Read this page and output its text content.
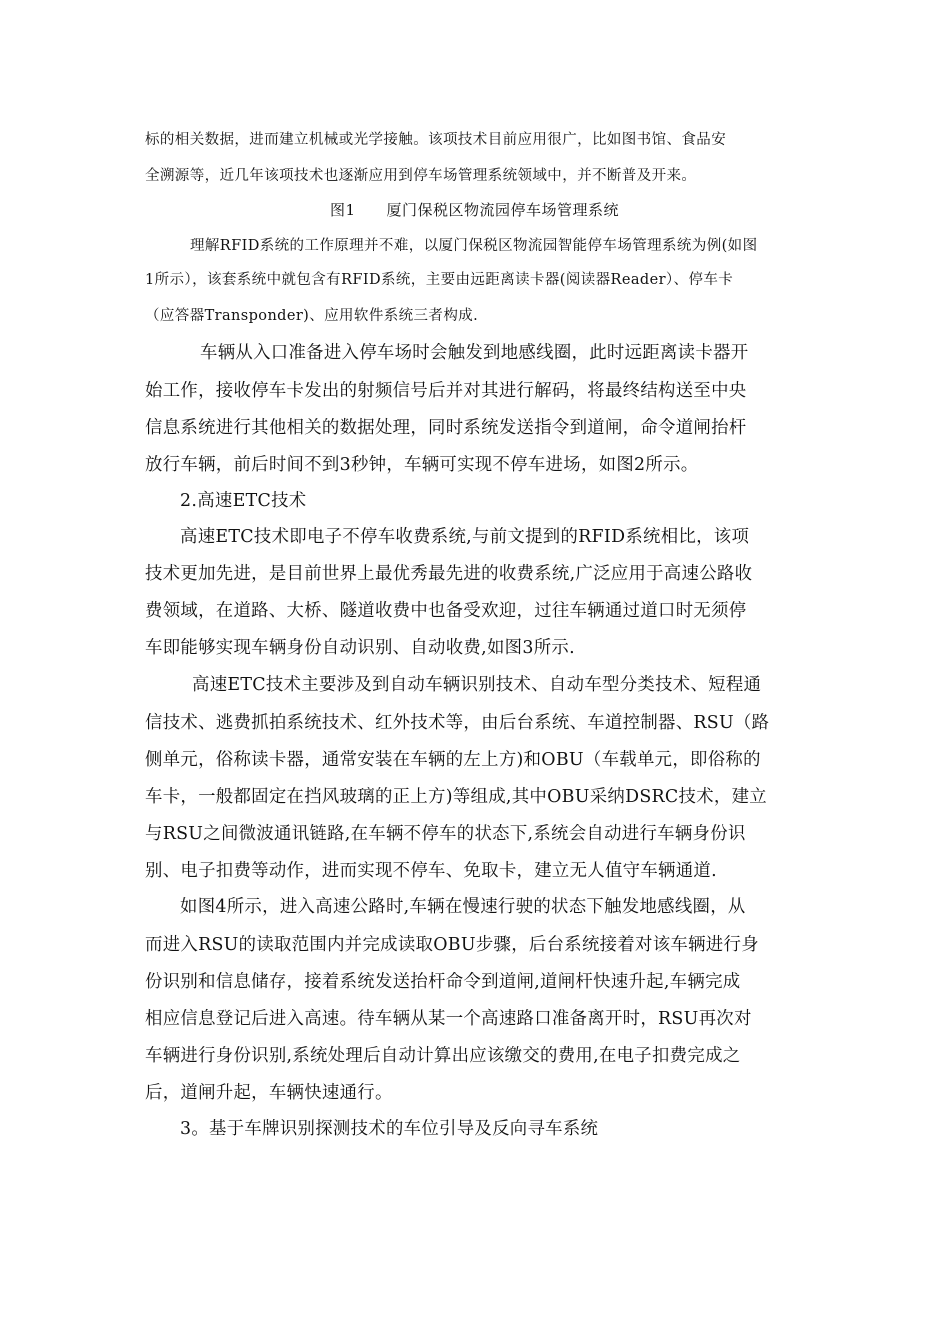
标的相关数据，进而建立机械或光学接触。该项技术目前应用很广，比如图书馆、食品安
全溯源等，近几年该项技术也逐渐应用到停车场管理系统领域中，并不断普及开来。
图1　　厦门保税区物流园停车场管理系统
理解RFID系统的工作原理并不难，以厦门保税区物流园智能停车场管理系统为例(如图
1所示），该套系统中就包含有RFID系统，主要由远距离读卡器(阅读器Reader）、停车卡
（应答器Transponder)、应用软件系统三者构成.
车辆从入口准备进入停车场时会触发到地感线圈，此时远距离读卡器开
始工作，接收停车卡发出的射频信号后并对其进行解码，将最终结构送至中央
信息系统进行其他相关的数据处理，同时系统发送指令到道闸，命令道闸抬杆
放行车辆，前后时间不到3秒钟，车辆可实现不停车进场，如图2所示。
2.高速ETC技术
高速ETC技术即电子不停车收费系统,与前文提到的RFID系统相比，该项
技术更加先进，是目前世界上最优秀最先进的收费系统,广泛应用于高速公路收
费领域，在道路、大桥、隧道收费中也备受欢迎，过往车辆通过道口时无须停
车即能够实现车辆身份自动识别、自动收费,如图3所示.
高速ETC技术主要涉及到自动车辆识别技术、自动车型分类技术、短程通
信技术、逃费抓拍系统技术、红外技术等，由后台系统、车道控制器、RSU（路
侧单元，俗称读卡器，通常安装在车辆的左上方)和OBU（车载单元，即俗称的
车卡，一般都固定在挡风玻璃的正上方)等组成,其中OBU采纳DSRC技术，建立
与RSU之间微波通讯链路,在车辆不停车的状态下,系统会自动进行车辆身份识
别、电子扣费等动作，进而实现不停车、免取卡，建立无人值守车辆通道.
如图4所示，进入高速公路时,车辆在慢速行驶的状态下触发地感线圈，从
而进入RSU的读取范围内并完成读取OBU步骤，后台系统接着对该车辆进行身
份识别和信息储存，接着系统发送抬杆命令到道闸,道闸杆快速升起,车辆完成
相应信息登记后进入高速。待车辆从某一个高速路口准备离开时，RSU再次对
车辆进行身份识别,系统处理后自动计算出应该缴交的费用,在电子扣费完成之
后，道闸升起，车辆快速通行。
3。基于车牌识别探测技术的车位引导及反向寻车系统
